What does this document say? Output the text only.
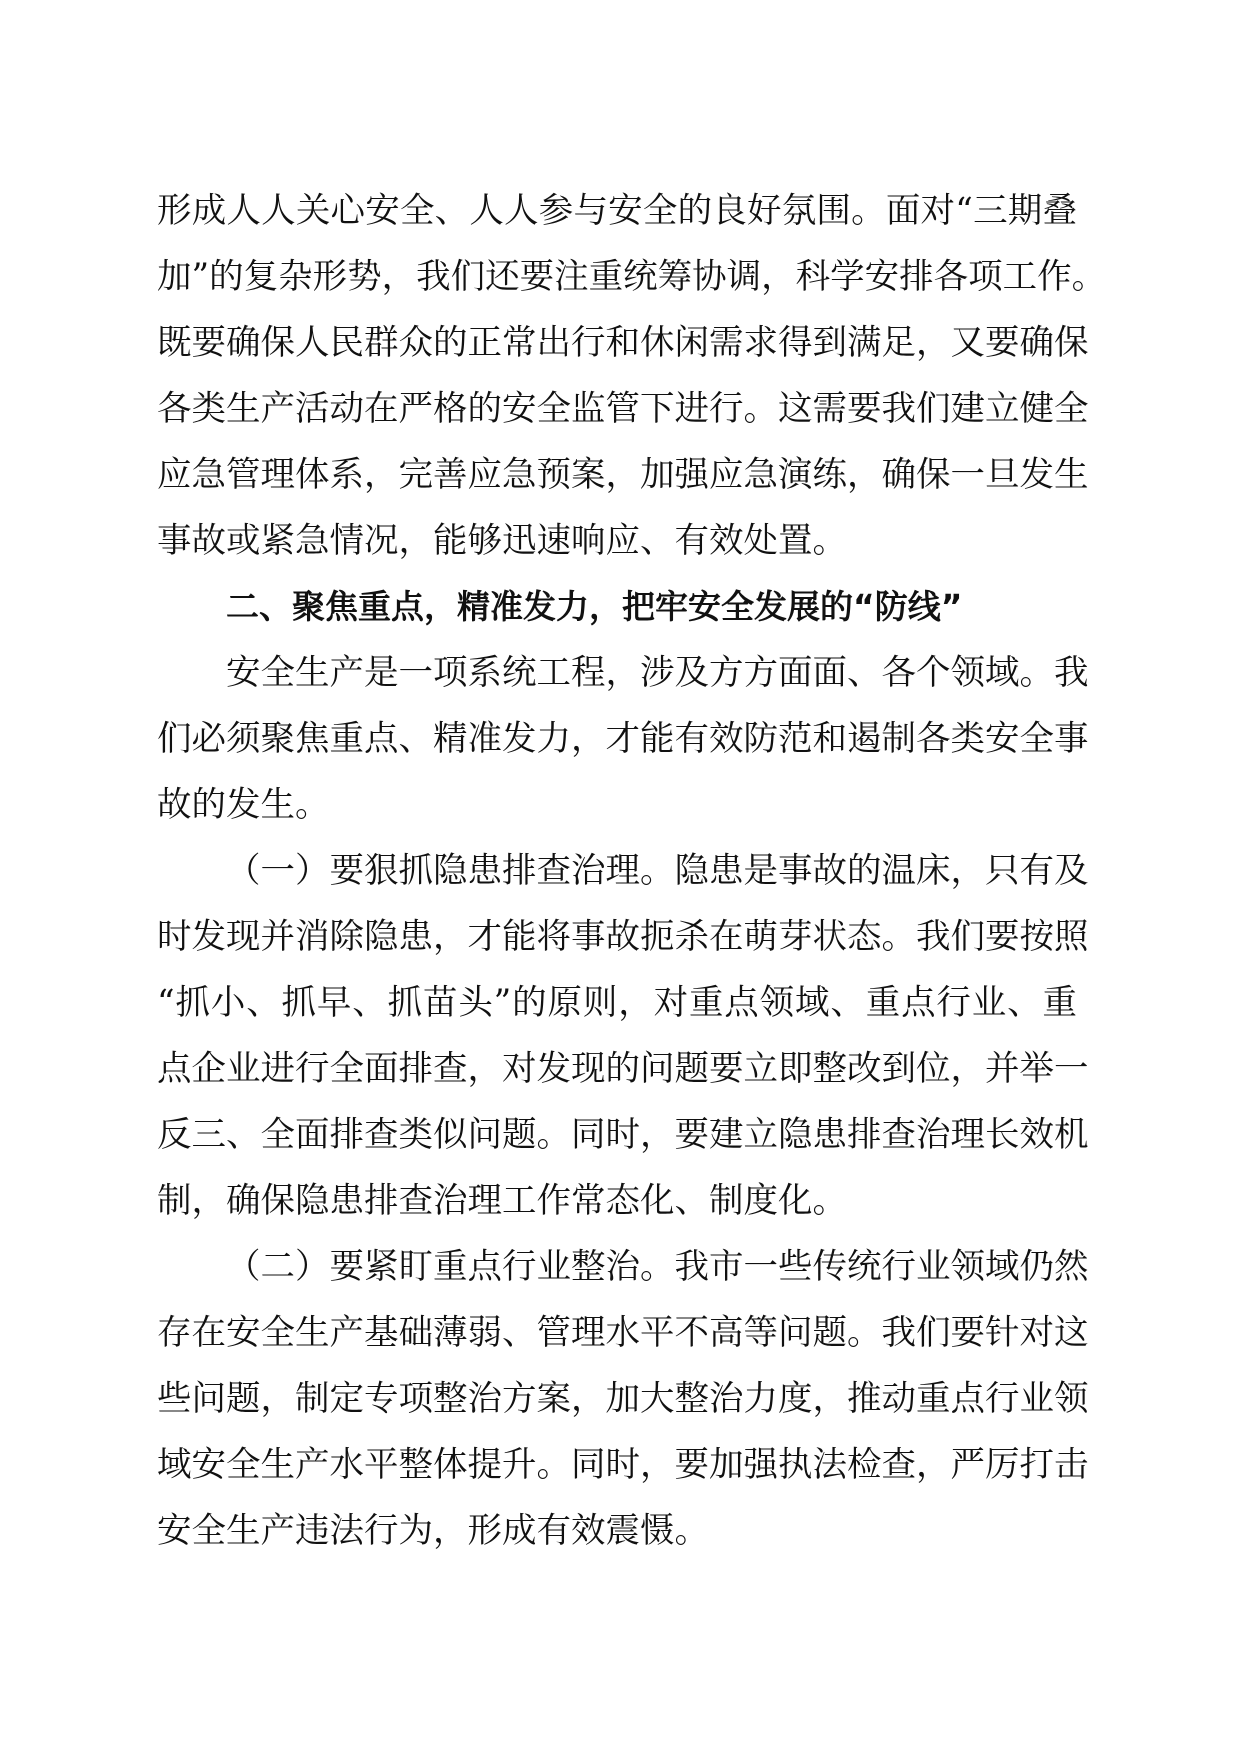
形成人人关心安全、人人参与安全的良好氛围。面对“三期叠
加”的复杂形势，我们还要注重统筹协调，科学安排各项工作。
既要确保人民群众的正常出行和休闲需求得到满足，又要确保
各类生产活动在严格的安全监管下进行。这需要我们建立健全
应急管理体系，完善应急预案，加强应急演练，确保一旦发生
事故或紧急情况，能够迅速响应、有效处置。
二、聚焦重点，精准发力，把牢安全发展的“防线”
安全生产是一项系统工程，涉及方方面面、各个领域。我
们必须聚焦重点、精准发力，才能有效防范和遏制各类安全事
故的发生。
（一）要狠抓隐患排查治理。隐患是事故的温床，只有及
时发现并消除隐患，才能将事故扼杀在萌芽状态。我们要按照
“抓小、抓早、抓苗头”的原则，对重点领域、重点行业、重
点企业进行全面排查，对发现的问题要立即整改到位，并举一
反三、全面排查类似问题。同时，要建立隐患排查治理长效机
制，确保隐患排查治理工作常态化、制度化。
（二）要紧盯重点行业整治。我市一些传统行业领域仍然
存在安全生产基础薄弱、管理水平不高等问题。我们要针对这
些问题，制定专项整治方案，加大整治力度，推动重点行业领
域安全生产水平整体提升。同时，要加强执法检查，严厉打击
安全生产违法行为，形成有效震慑。
